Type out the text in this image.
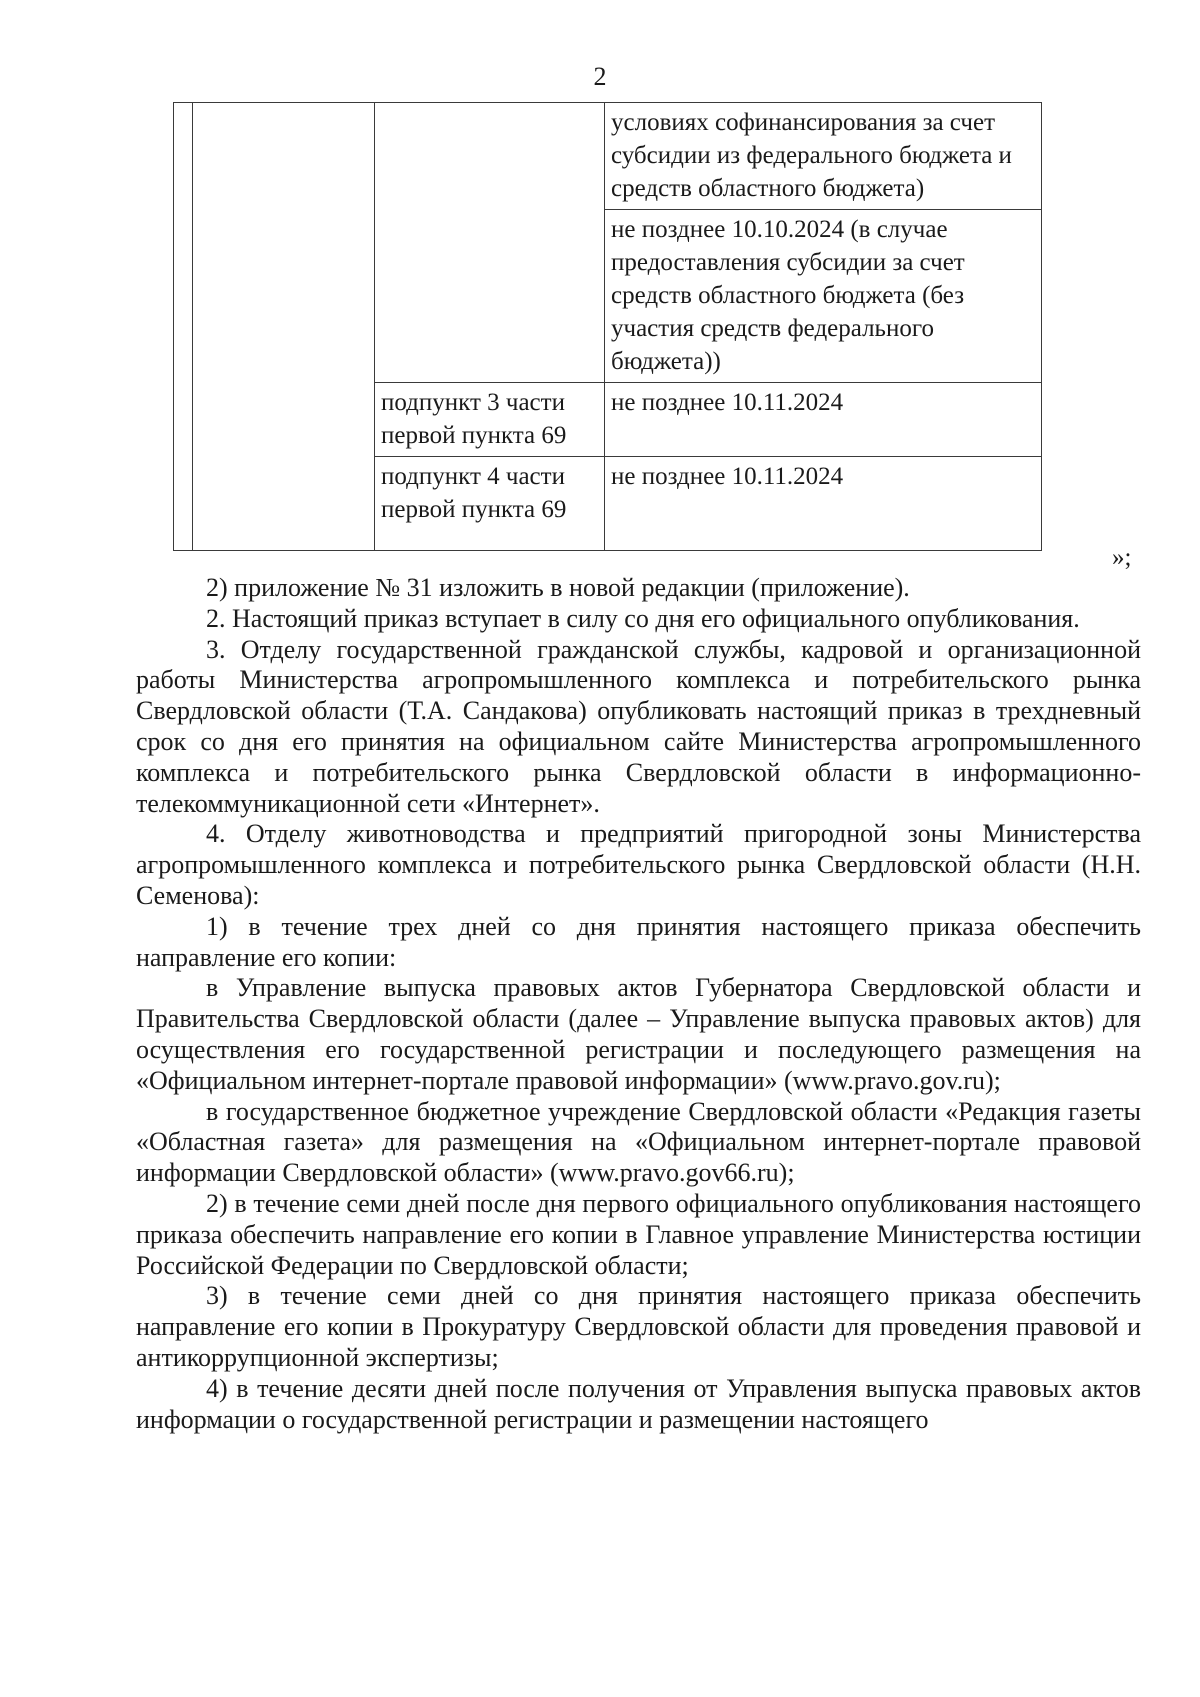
2
			условиях софинансирования за счет субсидии из федерального бюджета и средств областного бюджета)
			не позднее 10.10.2024 (в случае предоставления субсидии за счет средств областного бюджета (без участия средств федерального бюджета))
		подпункт 3 части первой пункта 69	не позднее 10.11.2024
		подпункт 4 части первой пункта 69	не позднее 10.11.2024
»;

2) приложение № 31 изложить в новой редакции (приложение).

2. Настоящий приказ вступает в силу со дня его официального опубликования.

3. Отделу государственной гражданской службы, кадровой и организационной работы Министерства агропромышленного комплекса и потребительского рынка Свердловской области (Т.А. Сандакова) опубликовать настоящий приказ в трехдневный срок со дня его принятия на официальном сайте Министерства агропромышленного комплекса и потребительского рынка Свердловской области в информационно-телекоммуникационной сети «Интернет».

4. Отделу животноводства и предприятий пригородной зоны Министерства агропромышленного комплекса и потребительского рынка Свердловской области (Н.Н. Семенова):

1) в течение трех дней со дня принятия настоящего приказа обеспечить направление его копии:

в Управление выпуска правовых актов Губернатора Свердловской области и Правительства Свердловской области (далее – Управление выпуска правовых актов) для осуществления его государственной регистрации и последующего размещения на «Официальном интернет-портале правовой информации» (www.pravo.gov.ru);

в государственное бюджетное учреждение Свердловской области «Редакция газеты «Областная газета» для размещения на «Официальном интернет-портале правовой информации Свердловской области» (www.pravo.gov66.ru);

2) в течение семи дней после дня первого официального опубликования настоящего приказа обеспечить направление его копии в Главное управление Министерства юстиции Российской Федерации по Свердловской области;

3) в течение семи дней со дня принятия настоящего приказа обеспечить направление его копии в Прокуратуру Свердловской области для проведения правовой и антикоррупционной экспертизы;

4) в течение десяти дней после получения от Управления выпуска правовых актов информации о государственной регистрации и размещении настоящего
